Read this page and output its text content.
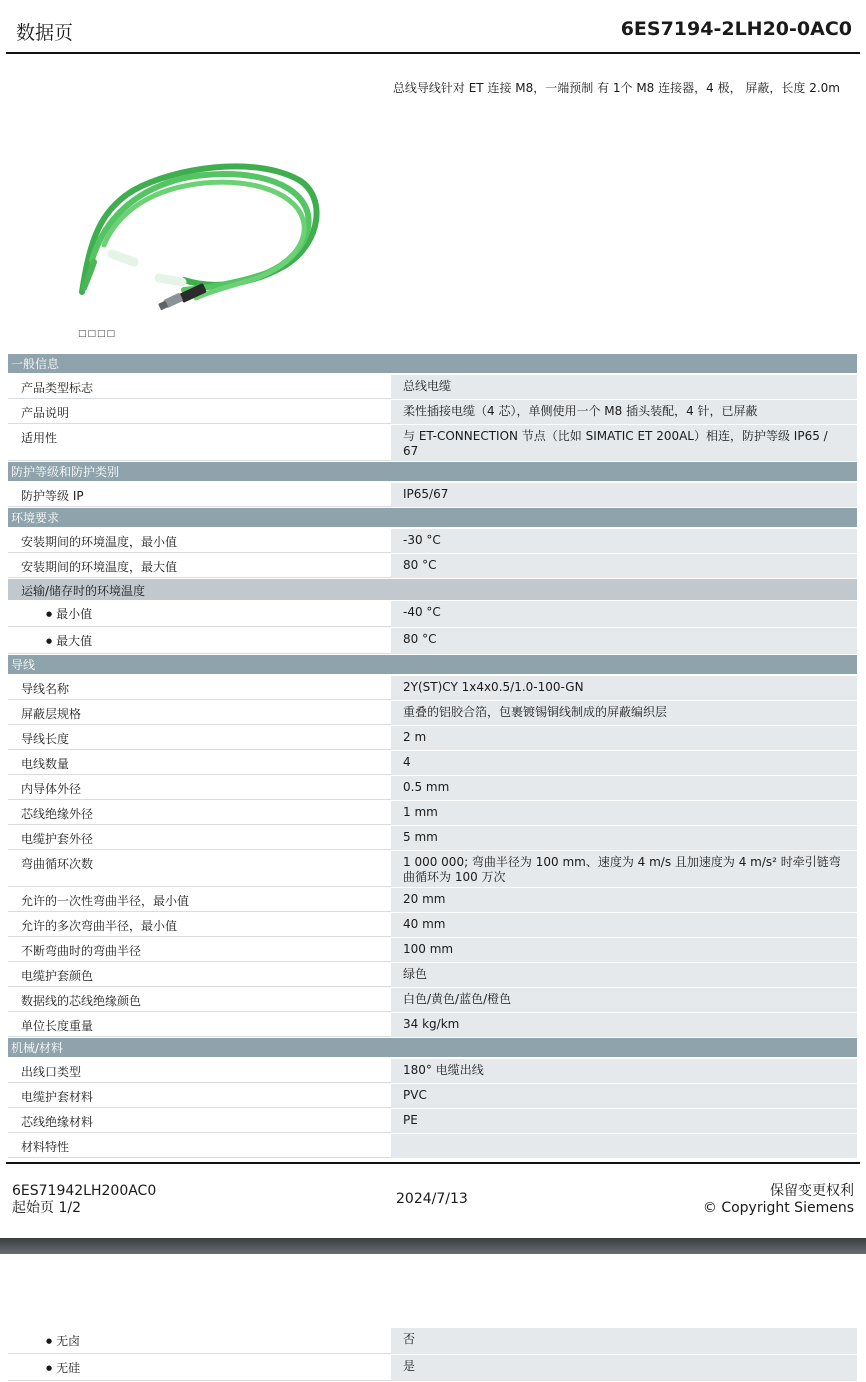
数据页	6ES7194-2LH20-0AC0
总线导线针对 ET 连接 M8，一端预制 有 1个 M8 连接器，4 极， 屏蔽，长度 2.0m
□□□□
一般信息
产品类型标志	总线电缆
产品说明	柔性插接电缆（4 芯），单侧使用一个 M8 插头装配，4 针，已屏蔽
适用性	与 ET-CONNECTION 节点（比如 SIMATIC ET 200AL）相连，防护等级 IP65 / 67
防护等级和防护类别
防护等级 IP	IP65/67
环境要求
安装期间的环境温度，最小值	-30 °C
安装期间的环境温度，最大值	80 °C
运输/储存时的环境温度
● 最小值	-40 °C
● 最大值	80 °C
导线
导线名称	2Y(ST)CY 1x4x0.5/1.0-100-GN
屏蔽层规格	重叠的铝胶合箔，包裹镀锡铜线制成的屏蔽编织层
导线长度	2 m
电线数量	4
内导体外径	0.5 mm
芯线绝缘外径	1 mm
电缆护套外径	5 mm
弯曲循环次数	1 000 000; 弯曲半径为 100 mm、速度为 4 m/s 且加速度为 4 m/s² 时牵引链弯曲循环为 100 万次
允许的一次性弯曲半径，最小值	20 mm
允许的多次弯曲半径，最小值	40 mm
不断弯曲时的弯曲半径	100 mm
电缆护套颜色	绿色
数据线的芯线绝缘颜色	白色/黄色/蓝色/橙色
单位长度重量	34 kg/km
机械/材料
出线口类型	180° 电缆出线
电缆护套材料	PVC
芯线绝缘材料	PE
材料特性
6ES71942LH200AC0
起始页 1/2
2024/7/13	保留变更权利
© Copyright Siemens
● 无卤	否
● 无硅	是
